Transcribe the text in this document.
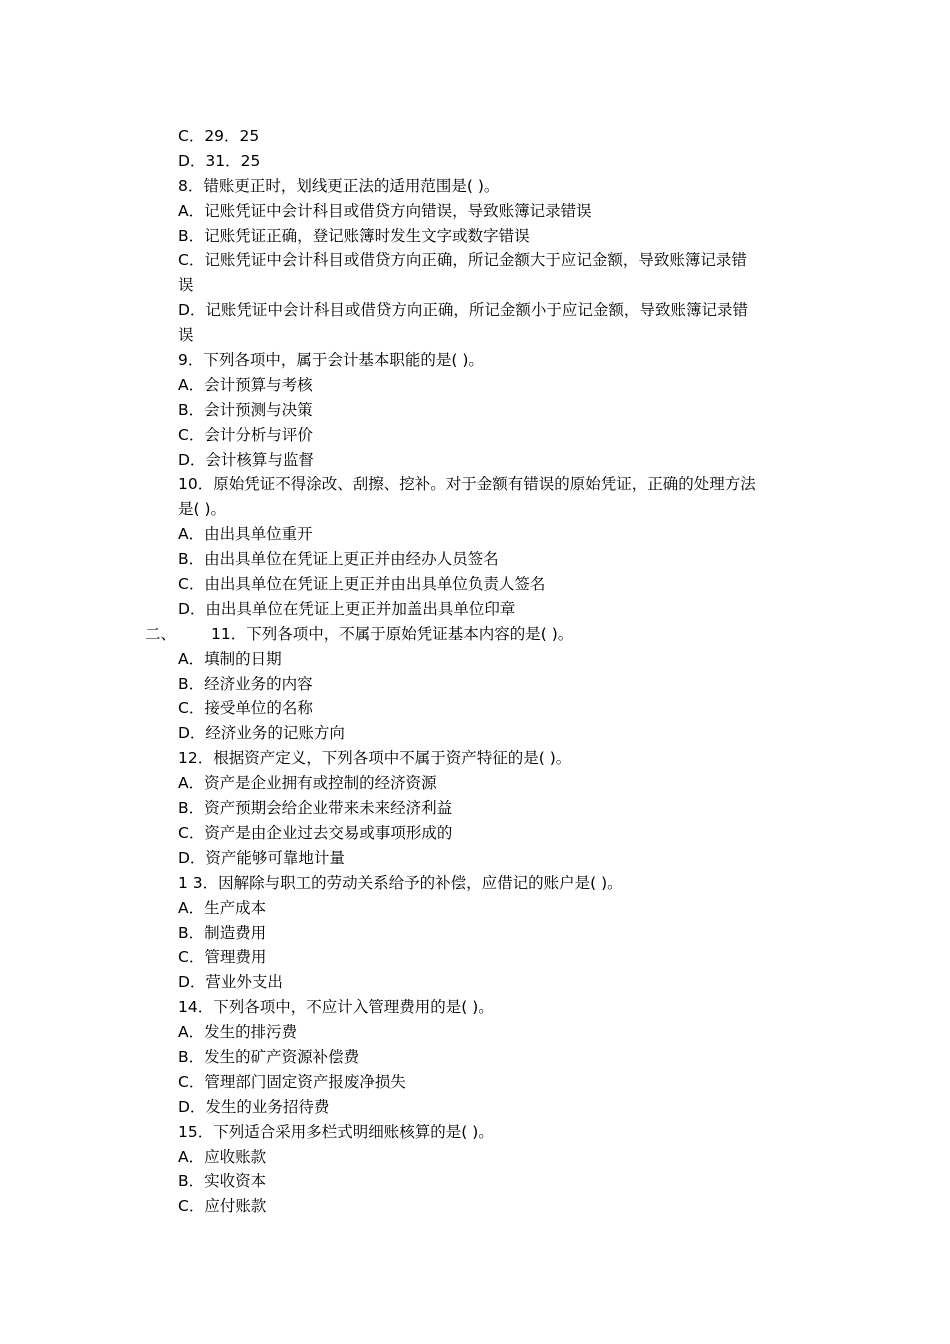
C．29．25
D．31．25
8．错账更正时，划线更正法的适用范围是( )。
A．记账凭证中会计科目或借贷方向错误，导致账簿记录错误
B．记账凭证正确，登记账簿时发生文字或数字错误
C．记账凭证中会计科目或借贷方向正确，所记金额大于应记金额，导致账簿记录错
误
D．记账凭证中会计科目或借贷方向正确，所记金额小于应记金额，导致账簿记录错
误
9．下列各项中，属于会计基本职能的是( )。
A．会计预算与考核
B．会计预测与决策
C．会计分析与评价
D．会计核算与监督
10．原始凭证不得涂改、刮擦、挖补。对于金额有错误的原始凭证，正确的处理方法
是( )。
A．由出具单位重开
B．由出具单位在凭证上更正并由经办人员签名
C．由出具单位在凭证上更正并由出具单位负责人签名
D．由出具单位在凭证上更正并加盖出具单位印章
二、 11．下列各项中，不属于原始凭证基本内容的是( )。
A．填制的日期
B．经济业务的内容
C．接受单位的名称
D．经济业务的记账方向
12．根据资产定义，下列各项中不属于资产特征的是( )。
A．资产是企业拥有或控制的经济资源
B．资产预期会给企业带来未来经济利益
C．资产是由企业过去交易或事项形成的
D．资产能够可靠地计量
1 3．因解除与职工的劳动关系给予的补偿，应借记的账户是( )。
A．生产成本
B．制造费用
C．管理费用
D．营业外支出
14．下列各项中，不应计入管理费用的是( )。
A．发生的排污费
B．发生的矿产资源补偿费
C．管理部门固定资产报废净损失
D．发生的业务招待费
15．下列适合采用多栏式明细账核算的是( )。
A．应收账款
B．实收资本
C．应付账款
